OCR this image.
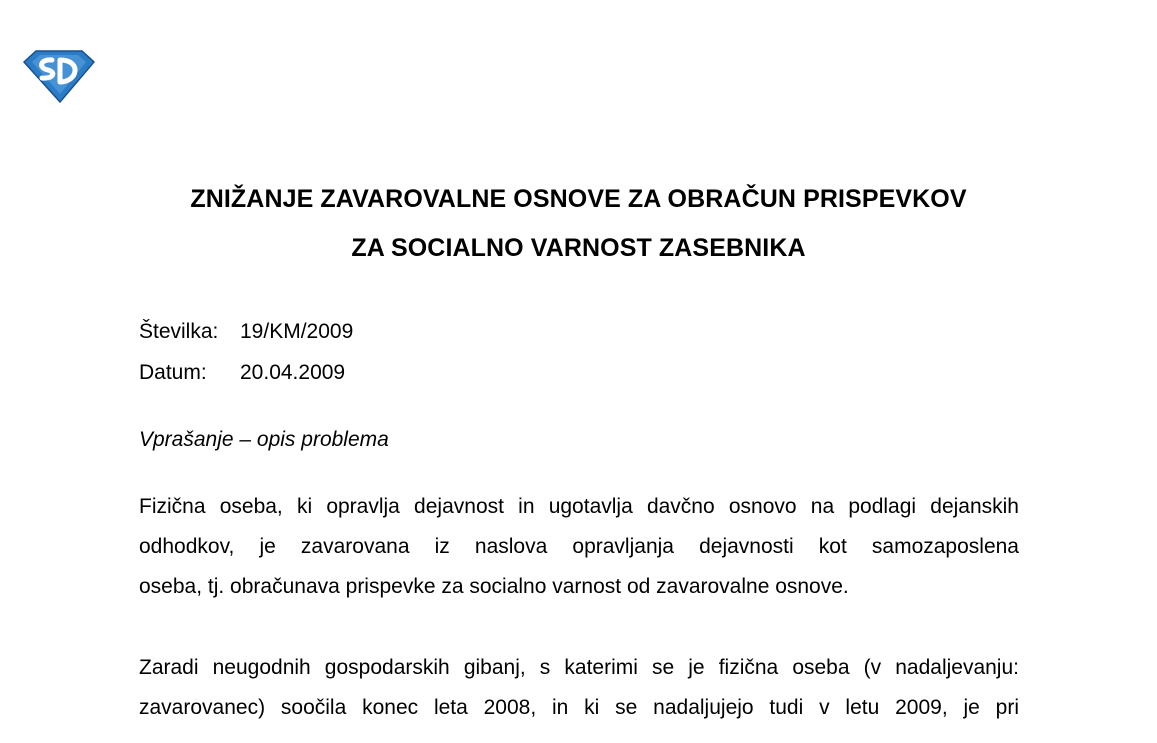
ZNIŽANJE ZAVAROVALNE OSNOVE ZA OBRAČUN PRISPEVKOV
ZA SOCIALNO VARNOST ZASEBNIKA
Številka: 19/KM/2009
Datum: 20.04.2009
Vprašanje – opis problema
Fizična oseba, ki opravlja dejavnost in ugotavlja davčno osnovo na podlagi dejanskih
odhodkov, je zavarovana iz naslova opravljanja dejavnosti kot samozaposlena
oseba, tj. obračunava prispevke za socialno varnost od zavarovalne osnove.
Zaradi neugodnih gospodarskih gibanj, s katerimi se je fizična oseba (v nadaljevanju:
zavarovanec) soočila konec leta 2008, in ki se nadaljujejo tudi v letu 2009, je pri
